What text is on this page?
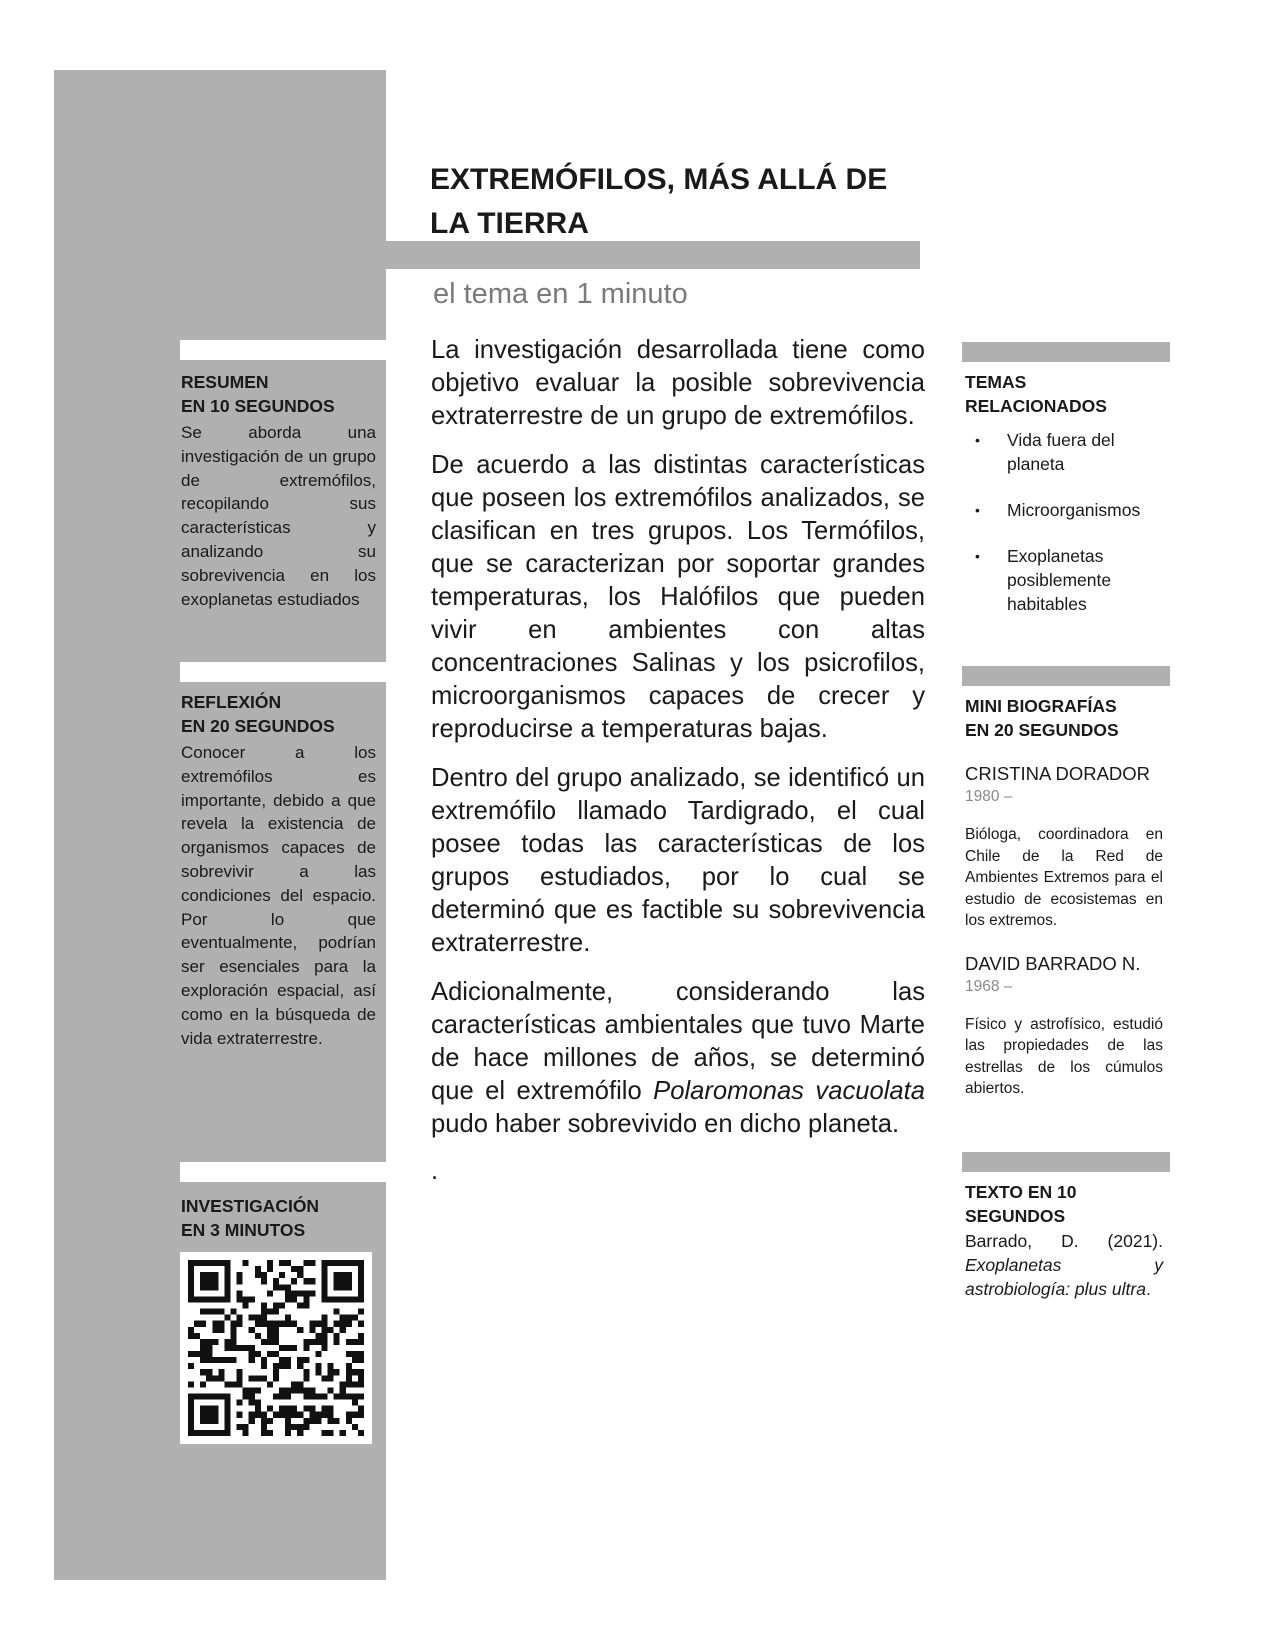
EXTREMÓFILOS, MÁS ALLÁ DE LA TIERRA
el tema en 1 minuto
RESUMEN
EN 10 SEGUNDOS
Se aborda una investigación de un grupo de extremófilos, recopilando sus características y analizando su sobrevivencia en los exoplanetas estudiados
REFLEXIÓN
EN 20 SEGUNDOS
Conocer a los extremófilos es importante, debido a que revela la existencia de organismos capaces de sobrevivir a las condiciones del espacio. Por lo que eventualmente, podrían ser esenciales para la exploración espacial, así como en la búsqueda de vida extraterrestre.
INVESTIGACIÓN
EN 3 MINUTOS

La investigación desarrollada tiene como objetivo evaluar la posible sobrevivencia extraterrestre de un grupo de extremófilos.

De acuerdo a las distintas características que poseen los extremófilos analizados, se clasifican en tres grupos. Los Termófilos, que se caracterizan por soportar grandes temperaturas, los Halófilos que pueden vivir en ambientes con altas concentraciones Salinas y los psicrofilos, microorganismos capaces de crecer y reproducirse a temperaturas bajas.

Dentro del grupo analizado, se identificó un extremófilo llamado Tardigrado, el cual posee todas las características de los grupos estudiados, por lo cual se determinó que es factible su sobrevivencia extraterrestre.

Adicionalmente, considerando las características ambientales que tuvo Marte de hace millones de años, se determinó que el extremófilo Polaromonas vacuolata pudo haber sobrevivido en dicho planeta.

.

TEMAS
RELACIONADOS
• Vida fuera del planeta
• Microorganismos
• Exoplanetas posiblemente habitables
MINI BIOGRAFÍAS
EN 20 SEGUNDOS
CRISTINA DORADOR
1980 –
Bióloga, coordinadora en Chile de la Red de Ambientes Extremos para el estudio de ecosistemas en los extremos.
DAVID BARRADO N.
1968 –
Físico y astrofísico, estudió las propiedades de las estrellas de los cúmulos abiertos.
TEXTO EN 10
SEGUNDOS
Barrado, D. (2021). Exoplanetas y astrobiología: plus ultra.
